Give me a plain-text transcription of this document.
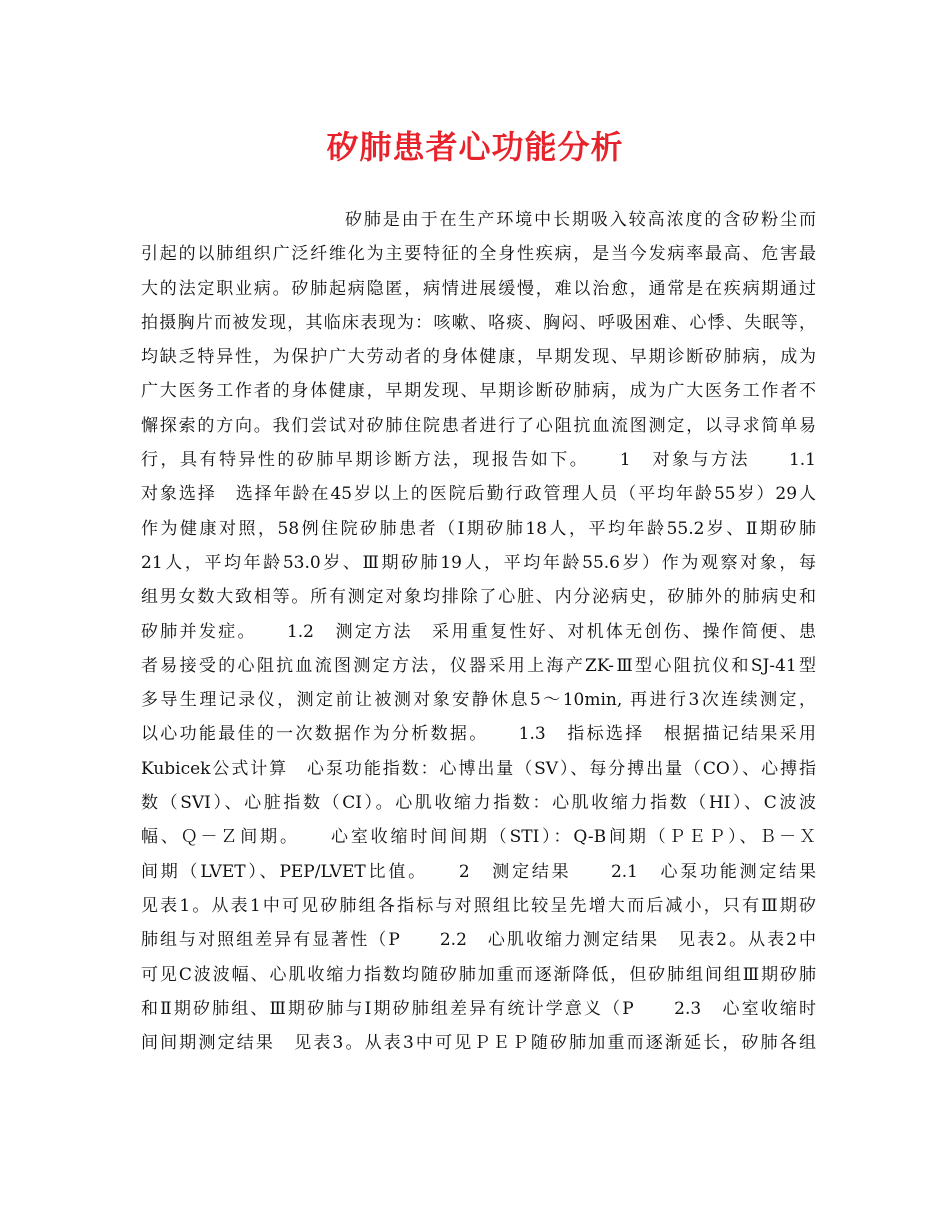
矽肺患者心功能分析
矽肺是由于在生产环境中长期吸入较高浓度的含矽粉尘而
引起的以肺组织广泛纤维化为主要特征的全身性疾病，是当今发病率最高、危害最
大的法定职业病。矽肺起病隐匿，病情进展缓慢，难以治愈，通常是在疾病期通过
拍摄胸片而被发现，其临床表现为：咳嗽、咯痰、胸闷、呼吸困难、心悸、失眠等，
均缺乏特异性，为保护广大劳动者的身体健康，早期发现、早期诊断矽肺病，成为
广大医务工作者的身体健康，早期发现、早期诊断矽肺病，成为广大医务工作者不
懈探索的方向。我们尝试对矽肺住院患者进行了心阻抗血流图测定，以寻求简单易
行，具有特异性的矽肺早期诊断方法，现报告如下。　　1　对象与方法　　1.1
对象选择　选择年龄在45岁以上的医院后勤行政管理人员（平均年龄55岁）29人
作为健康对照，58例住院矽肺患者（Ⅰ期矽肺18人，平均年龄55.2岁、Ⅱ期矽肺
21人，平均年龄53.0岁、Ⅲ期矽肺19人，平均年龄55.6岁）作为观察对象，每
组男女数大致相等。所有测定对象均排除了心脏、内分泌病史，矽肺外的肺病史和
矽肺并发症。　　1.2　测定方法　采用重复性好、对机体无创伤、操作简便、患
者易接受的心阻抗血流图测定方法，仪器采用上海产ZK-Ⅲ型心阻抗仪和SJ-41型
多导生理记录仪，测定前让被测对象安静休息5～10min, 再进行3次连续测定，
以心功能最佳的一次数据作为分析数据。　　1.3　指标选择　根据描记结果采用
Kubicek公式计算　心泵功能指数：心博出量（SV）、每分搏出量（CO）、心搏指
数（SVI）、心脏指数（CI）。心肌收缩力指数：心肌收缩力指数（HI）、C波波
幅、Ｑ－Ｚ间期。　　心室收缩时间间期（STI）：Q-B间期（ＰＥＰ）、Ｂ－Ｘ
间期（LVET）、PEP/LVET比值。　　2　测定结果　　2.1　心泵功能测定结果
见表1。从表1中可见矽肺组各指标与对照组比较呈先增大而后减小，只有Ⅲ期矽
肺组与对照组差异有显著性（P　　2.2　心肌收缩力测定结果　见表2。从表2中
可见C波波幅、心肌收缩力指数均随矽肺加重而逐渐降低，但矽肺组间组Ⅲ期矽肺
和Ⅱ期矽肺组、Ⅲ期矽肺与Ⅰ期矽肺组差异有统计学意义（P　　2.3　心室收缩时
间间期测定结果　见表3。从表3中可见ＰＥＰ随矽肺加重而逐渐延长，矽肺各组
